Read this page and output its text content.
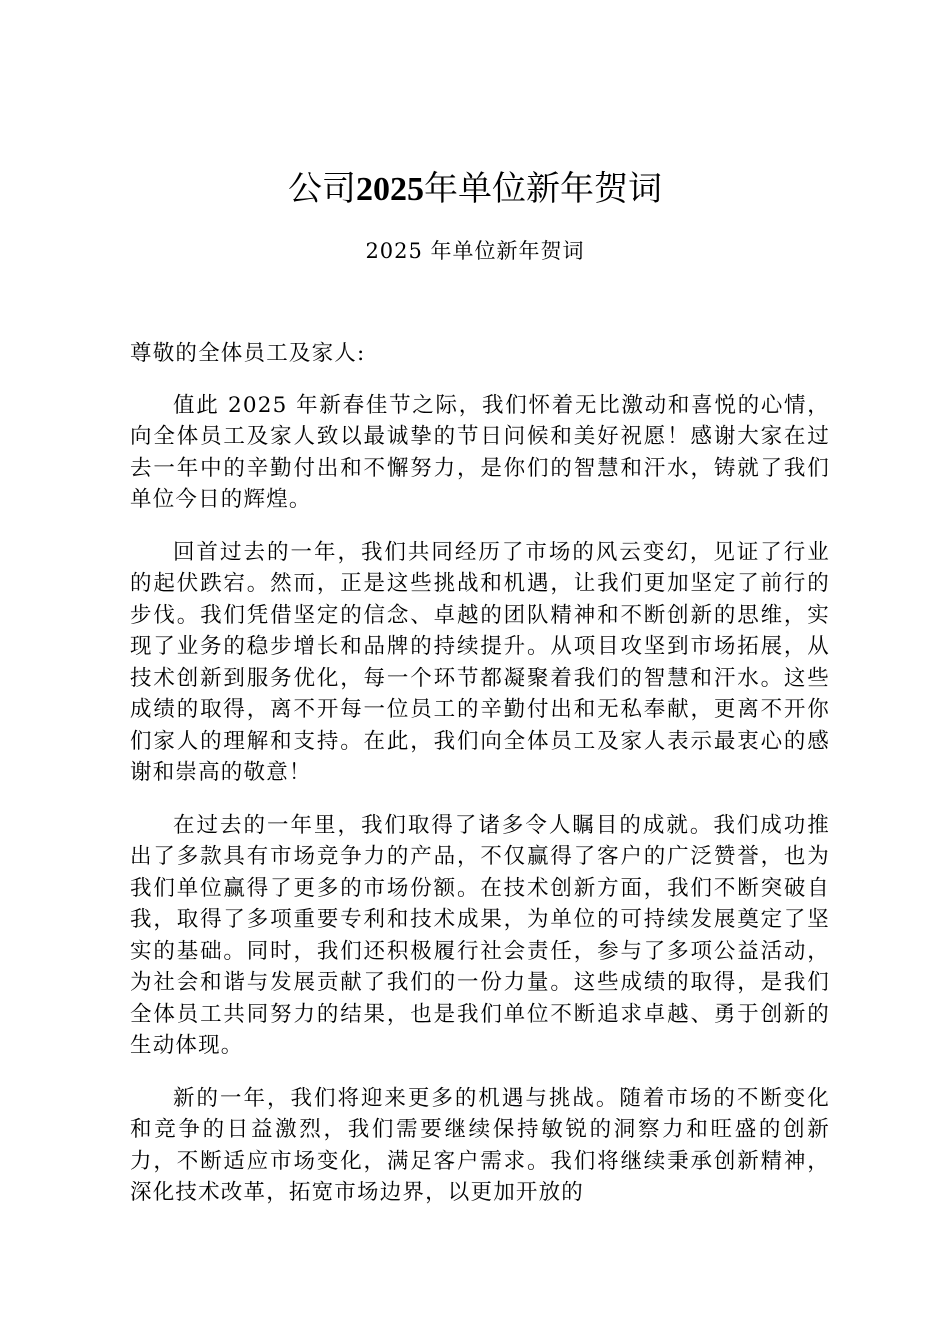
公司2025年单位新年贺词

2025 年单位新年贺词

尊敬的全体员工及家人:

值此 2025 年新春佳节之际，我们怀着无比激动和喜悦的心情，向全体员工及家人致以最诚挚的节日问候和美好祝愿！感谢大家在过去一年中的辛勤付出和不懈努力，是你们的智慧和汗水，铸就了我们单位今日的辉煌。

回首过去的一年，我们共同经历了市场的风云变幻，见证了行业的起伏跌宕。然而，正是这些挑战和机遇，让我们更加坚定了前行的步伐。我们凭借坚定的信念、卓越的团队精神和不断创新的思维，实现了业务的稳步增长和品牌的持续提升。从项目攻坚到市场拓展，从技术创新到服务优化，每一个环节都凝聚着我们的智慧和汗水。这些成绩的取得，离不开每一位员工的辛勤付出和无私奉献，更离不开你们家人的理解和支持。在此，我们向全体员工及家人表示最衷心的感谢和崇高的敬意！

在过去的一年里，我们取得了诸多令人瞩目的成就。我们成功推出了多款具有市场竞争力的产品，不仅赢得了客户的广泛赞誉，也为我们单位赢得了更多的市场份额。在技术创新方面，我们不断突破自我，取得了多项重要专利和技术成果，为单位的可持续发展奠定了坚实的基础。同时，我们还积极履行社会责任，参与了多项公益活动，为社会和谐与发展贡献了我们的一份力量。这些成绩的取得，是我们全体员工共同努力的结果，也是我们单位不断追求卓越、勇于创新的生动体现。

新的一年，我们将迎来更多的机遇与挑战。随着市场的不断变化和竞争的日益激烈，我们需要继续保持敏锐的洞察力和旺盛的创新力，不断适应市场变化，满足客户需求。我们将继续秉承创新精神，深化技术改革，拓宽市场边界，以更加开放的
